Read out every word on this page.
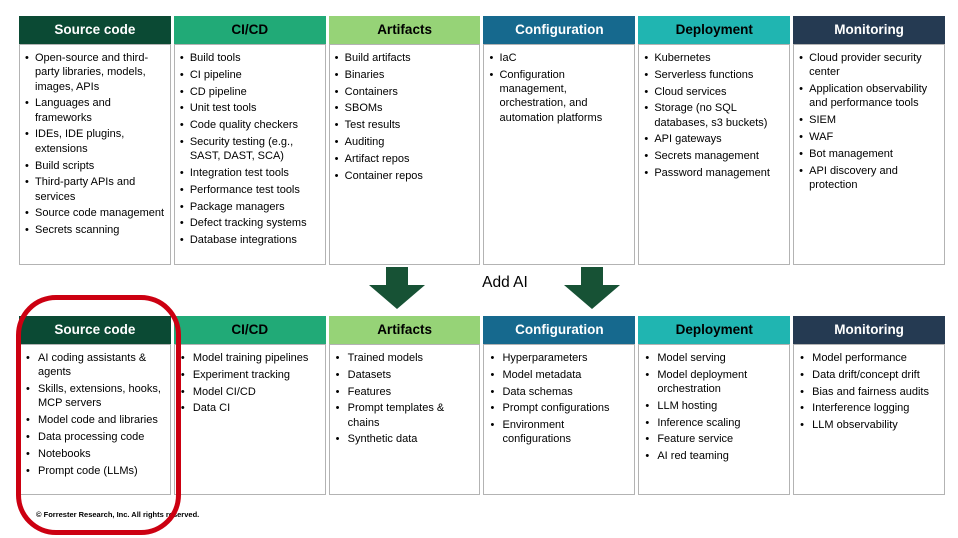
Source code
• Open-source and third-party libraries, models, images, APIs
• Languages and frameworks
• IDEs, IDE plugins, extensions
• Build scripts
• Third-party APIs and services
• Source code management
• Secrets scanning
CI/CD
• Build tools
• CI pipeline
• CD pipeline
• Unit test tools
• Code quality checkers
• Security testing (e.g., SAST, DAST, SCA)
• Integration test tools
• Performance test tools
• Package managers
• Defect tracking systems
• Database integrations
Artifacts
• Build artifacts
• Binaries
• Containers
• SBOMs
• Test results
• Auditing
• Artifact repos
• Container repos
Configuration
• IaC
• Configuration management, orchestration, and automation platforms
Deployment
• Kubernetes
• Serverless functions
• Cloud services
• Storage (no SQL databases, s3 buckets)
• API gateways
• Secrets management
• Password management
Monitoring
• Cloud provider security center
• Application observability and performance tools
• SIEM
• WAF
• Bot management
• API discovery and protection
Add AI
Source code
• AI coding assistants & agents
• Skills, extensions, hooks, MCP servers
• Model code and libraries
• Data processing code
• Notebooks
• Prompt code (LLMs)
CI/CD
• Model training pipelines
• Experiment tracking
• Model CI/CD
• Data CI
Artifacts
• Trained models
• Datasets
• Features
• Prompt templates & chains
• Synthetic data
Configuration
• Hyperparameters
• Model metadata
• Data schemas
• Prompt configurations
• Environment configurations
Deployment
• Model serving
• Model deployment orchestration
• LLM hosting
• Inference scaling
• Feature service
• AI red teaming
Monitoring
• Model performance
• Data drift/concept drift
• Bias and fairness audits
• Interference logging
• LLM observability
© Forrester Research, Inc. All rights reserved.
